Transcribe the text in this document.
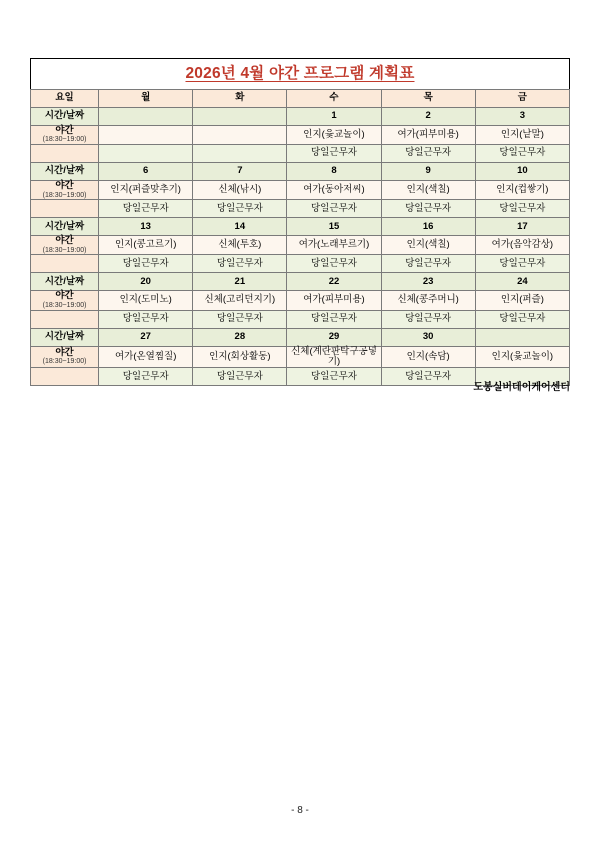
2026년 4월 야간 프로그램 계획표					
요일	월	화	수	목	금
시간/날짜			1	2	3
야간
(18:30~19:00)			인지(윷교놀이)	여가(피부미용)	인지(낱말)
			당일근무자	당일근무자	당일근무자
시간/날짜	6	7	8	9	10
야간
(18:30~19:00)	인지(퍼즐맞추기)	신체(낚시)	여가(동아저씨)	인지(색칠)	인지(컵쌓기)
	당일근무자	당일근무자	당일근무자	당일근무자	당일근무자
시간/날짜	13	14	15	16	17
야간
(18:30~19:00)	인지(콩고르기)	신체(투호)	여가(노래부르기)	인지(색칠)	여가(음악감상)
	당일근무자	당일근무자	당일근무자	당일근무자	당일근무자
시간/날짜	20	21	22	23	24
야간
(18:30~19:00)	인지(도미노)	신체(고리던지기)	여가(피부미용)	신체(콩주머니)	인지(퍼즐)
	당일근무자	당일근무자	당일근무자	당일근무자	당일근무자
시간/날짜	27	28	29	30	
야간
(18:30~19:00)	여가(온열찜질)	인지(회상활동)	신체(계란판탁구공넣기)	인지(속담)	인지(윷교놀이)
	당일근무자	당일근무자	당일근무자	당일근무자	
도봉실버데이케어센터
- 8 -
